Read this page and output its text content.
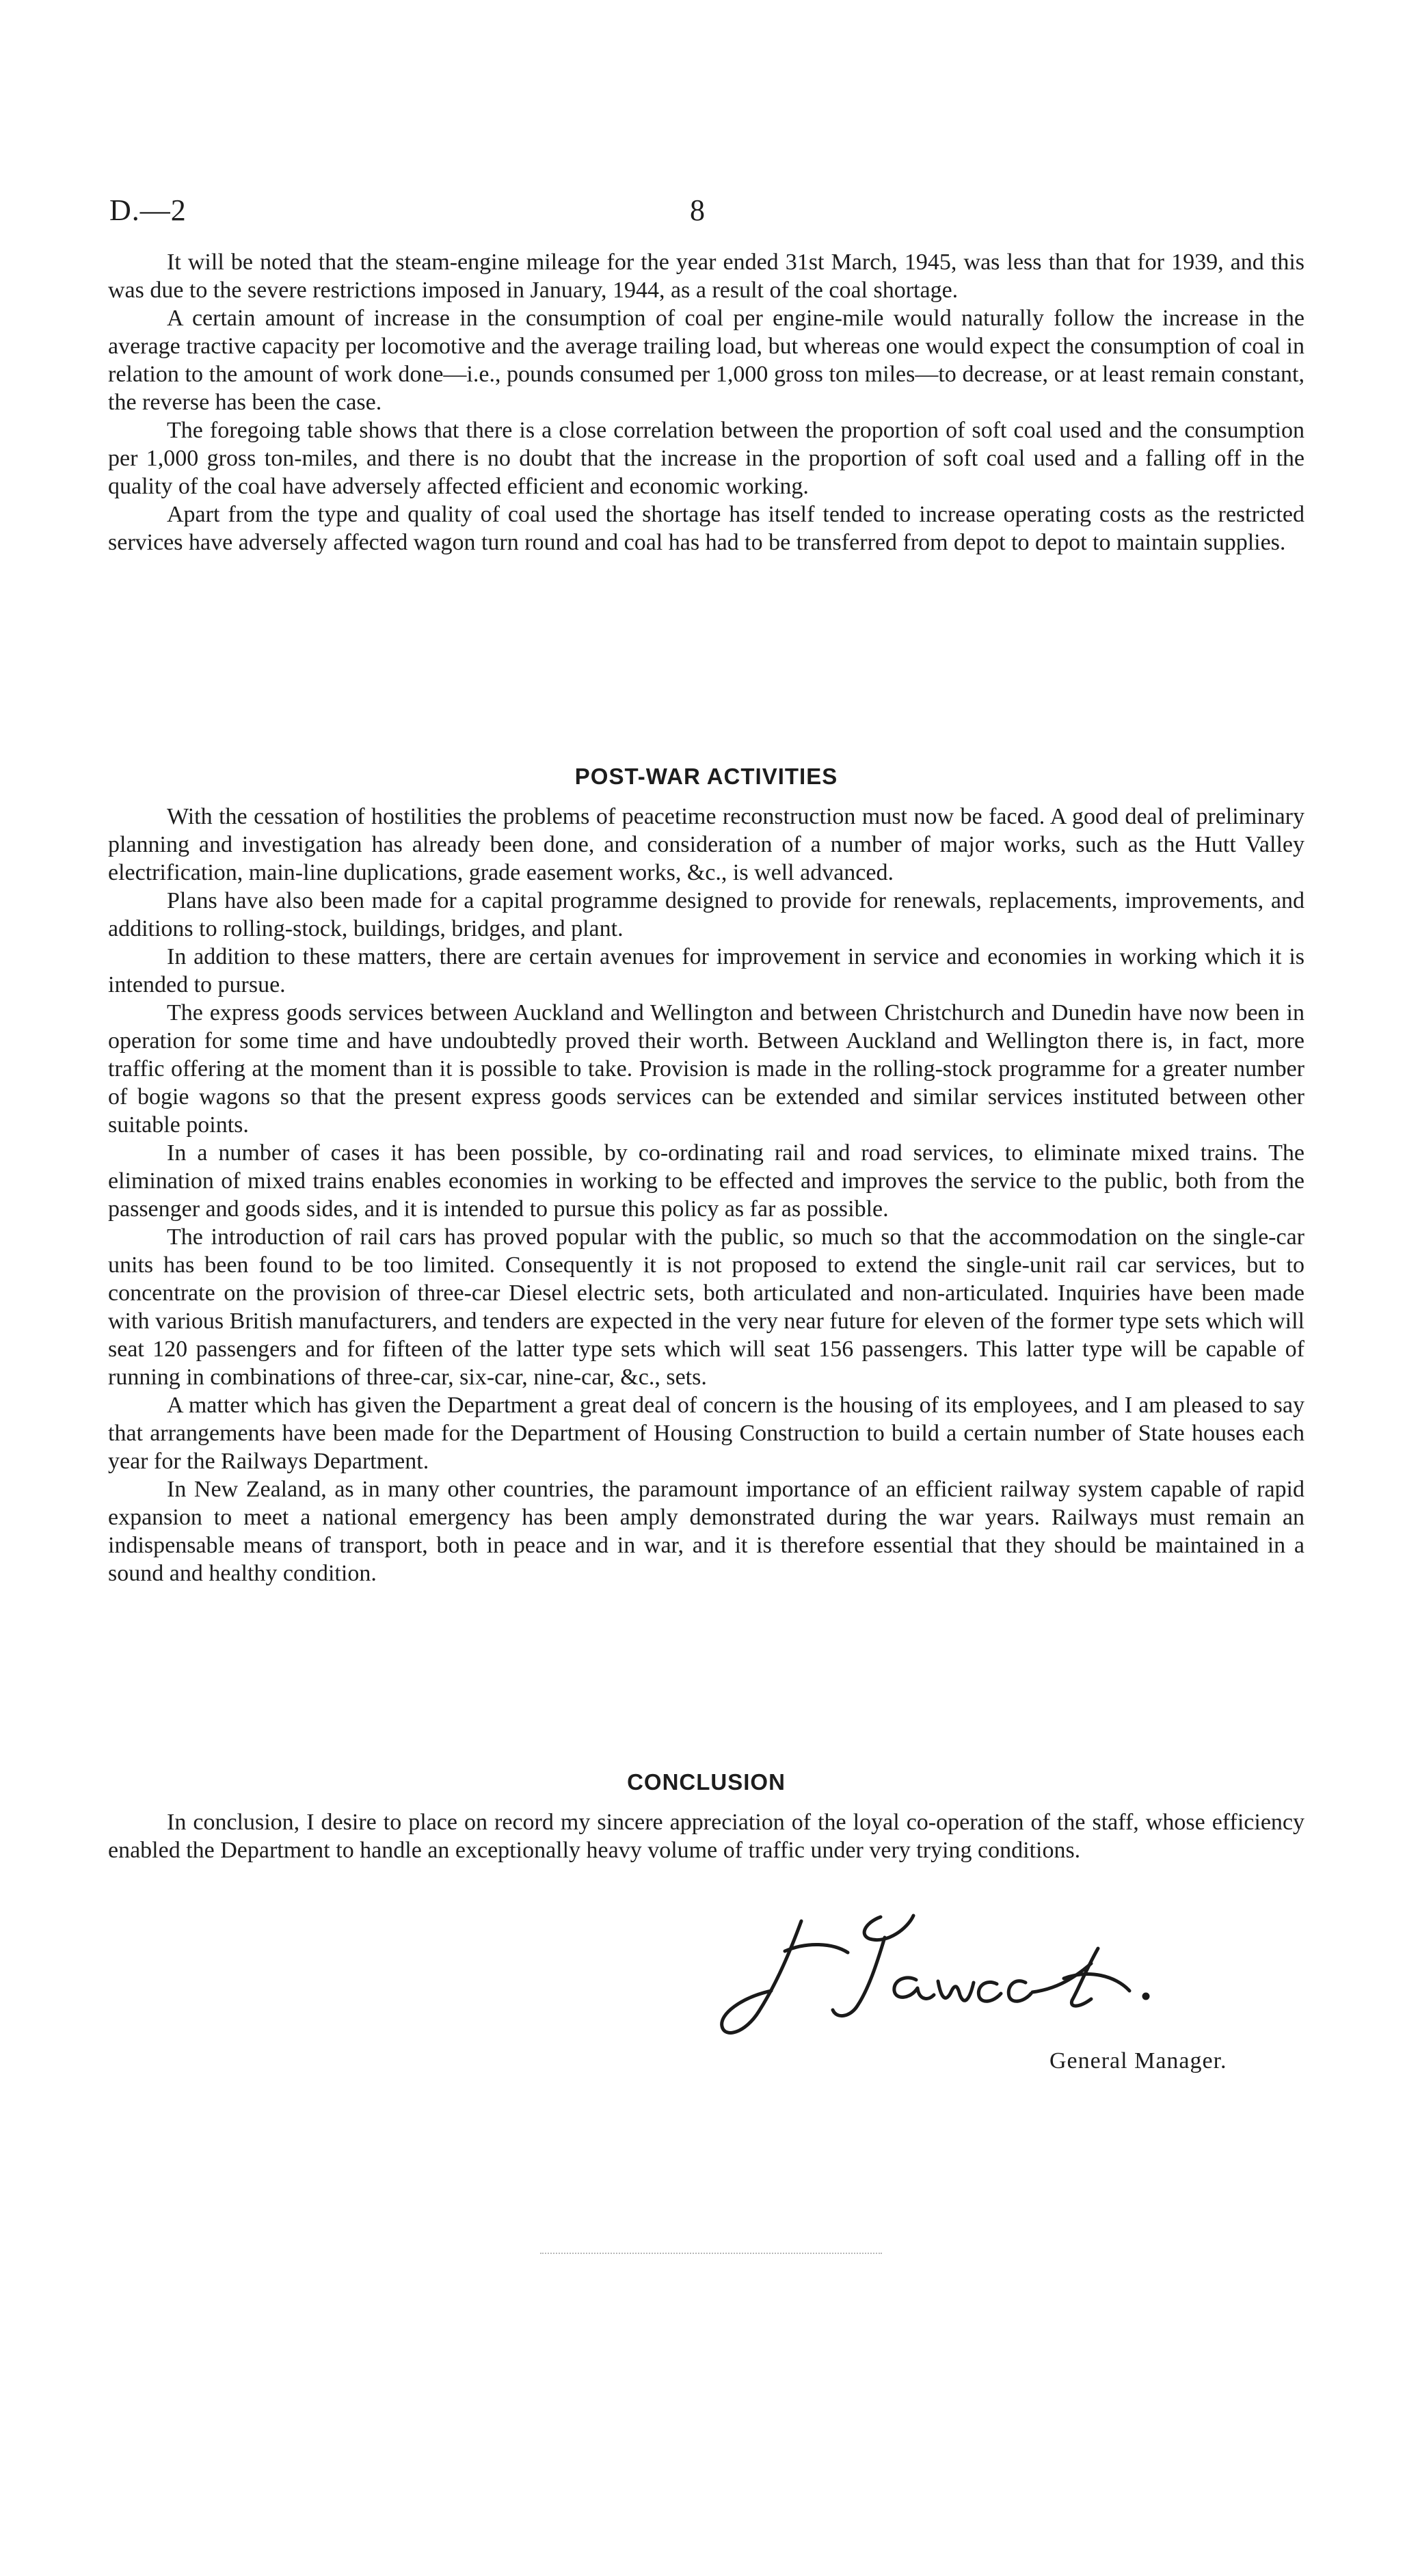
D.—2	8

It will be noted that the steam-engine mileage for the year ended 31st March, 1945, was less than that for 1939, and this was due to the severe restrictions imposed in January, 1944, as a result of the coal shortage.

A certain amount of increase in the consumption of coal per engine-mile would naturally follow the increase in the average tractive capacity per locomotive and the average trailing load, but whereas one would expect the consumption of coal in relation to the amount of work done—i.e., pounds consumed per 1,000 gross ton miles—to decrease, or at least remain constant, the reverse has been the case.

The foregoing table shows that there is a close correlation between the proportion of soft coal used and the consumption per 1,000 gross ton-miles, and there is no doubt that the increase in the proportion of soft coal used and a falling off in the quality of the coal have adversely affected efficient and economic working.

Apart from the type and quality of coal used the shortage has itself tended to increase operating costs as the restricted services have adversely affected wagon turn round and coal has had to be transferred from depot to depot to maintain supplies.

POST-WAR ACTIVITIES

With the cessation of hostilities the problems of peacetime reconstruction must now be faced. A good deal of preliminary planning and investigation has already been done, and consideration of a number of major works, such as the Hutt Valley electrification, main-line duplications, grade easement works, &c., is well advanced.

Plans have also been made for a capital programme designed to provide for renewals, replacements, improvements, and additions to rolling-stock, buildings, bridges, and plant.

In addition to these matters, there are certain avenues for improvement in service and economies in working which it is intended to pursue.

The express goods services between Auckland and Wellington and between Christchurch and Dunedin have now been in operation for some time and have undoubtedly proved their worth. Between Auckland and Wellington there is, in fact, more traffic offering at the moment than it is possible to take. Provision is made in the rolling-stock programme for a greater number of bogie wagons so that the present express goods services can be extended and similar services instituted between other suitable points.

In a number of cases it has been possible, by co-ordinating rail and road services, to eliminate mixed trains. The elimination of mixed trains enables economies in working to be effected and improves the service to the public, both from the passenger and goods sides, and it is intended to pursue this policy as far as possible.

The introduction of rail cars has proved popular with the public, so much so that the accommodation on the single-car units has been found to be too limited. Consequently it is not proposed to extend the single-unit rail car services, but to concentrate on the provision of three-car Diesel electric sets, both articulated and non-articulated. Inquiries have been made with various British manufacturers, and tenders are expected in the very near future for eleven of the former type sets which will seat 120 passengers and for fifteen of the latter type sets which will seat 156 passengers. This latter type will be capable of running in combinations of three-car, six-car, nine-car, &c., sets.

A matter which has given the Department a great deal of concern is the housing of its employees, and I am pleased to say that arrangements have been made for the Department of Housing Construction to build a certain number of State houses each year for the Railways Department.

In New Zealand, as in many other countries, the paramount importance of an efficient railway system capable of rapid expansion to meet a national emergency has been amply demonstrated during the war years. Railways must remain an indispensable means of transport, both in peace and in war, and it is therefore essential that they should be maintained in a sound and healthy condition.

CONCLUSION

In conclusion, I desire to place on record my sincere appreciation of the loyal co-operation of the staff, whose efficiency enabled the Department to handle an exceptionally heavy volume of traffic under very trying conditions.

General Manager.
